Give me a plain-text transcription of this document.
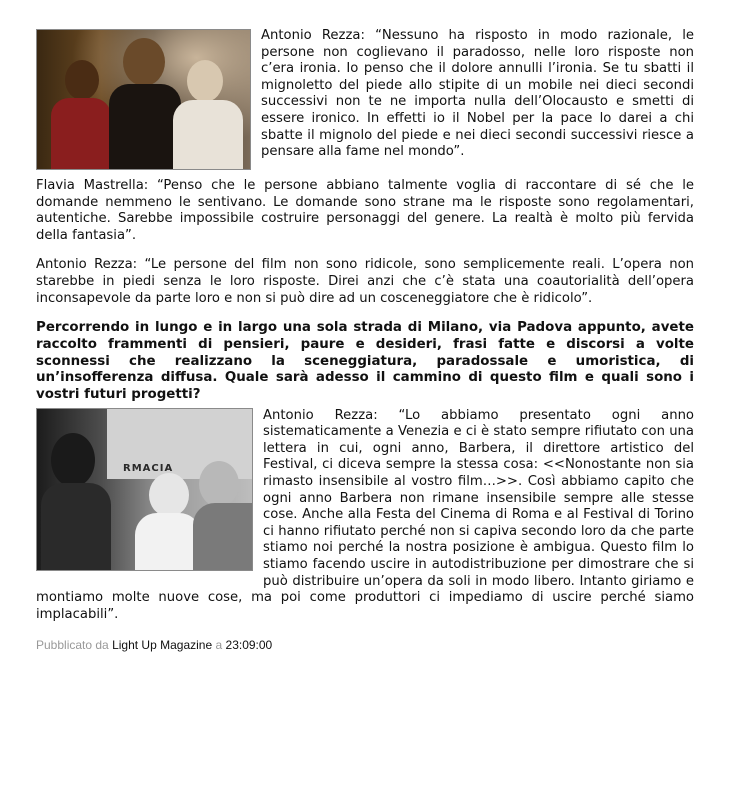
Antonio Rezza: “Nessuno ha risposto in modo razionale, le persone non coglievano il paradosso, nelle loro risposte non c’era ironia. Io penso che il dolore annulli l’ironia. Se tu sbatti il mignoletto del piede allo stipite di un mobile nei dieci secondi successivi non te ne importa nulla dell’Olocausto e smetti di essere ironico. In effetti io il Nobel per la pace lo darei a chi sbatte il mignolo del piede e nei dieci secondi successivi riesce a pensare alla fame nel mondo”.

Flavia Mastrella: “Penso che le persone abbiano talmente voglia di raccontare di sé che le domande nemmeno le sentivano. Le domande sono strane ma le risposte sono regolamentari, autentiche. Sarebbe impossibile costruire personaggi del genere. La realtà è molto più fervida della fantasia”.

Antonio Rezza: “Le persone del film non sono ridicole, sono semplicemente reali. L’opera non starebbe in piedi senza le loro risposte. Direi anzi che c’è stata una coautorialità dell’opera inconsapevole da parte loro e non si può dire ad un cosceneggiatore che è ridicolo”.

Percorrendo in lungo e in largo una sola strada di Milano, via Padova appunto, avete raccolto frammenti di pensieri, paure e desideri, frasi fatte e discorsi a volte sconnessi che realizzano la sceneggiatura, paradossale e umoristica, di un’insofferenza diffusa. Quale sarà adesso il cammino di questo film e quali sono i vostri futuri progetti?

RMACIA

Antonio Rezza: “Lo abbiamo presentato ogni anno sistematicamente a Venezia e ci è stato sempre rifiutato con una lettera in cui, ogni anno, Barbera, il direttore artistico del Festival, ci diceva sempre la stessa cosa: <<Nonostante non sia rimasto insensibile al vostro film…>>. Così abbiamo capito che ogni anno Barbera non rimane insensibile sempre alle stesse cose. Anche alla Festa del Cinema di Roma e al Festival di Torino ci hanno rifiutato perché non si capiva secondo loro da che parte stiamo noi perché la nostra posizione è ambigua. Questo film lo stiamo facendo uscire in autodistribuzione per dimostrare che si può distribuire un’opera da soli in modo libero. Intanto giriamo e montiamo molte nuove cose, ma poi come produttori ci impediamo di uscire perché siamo implacabili”.

Pubblicato da Light Up Magazine a 23:09:00
